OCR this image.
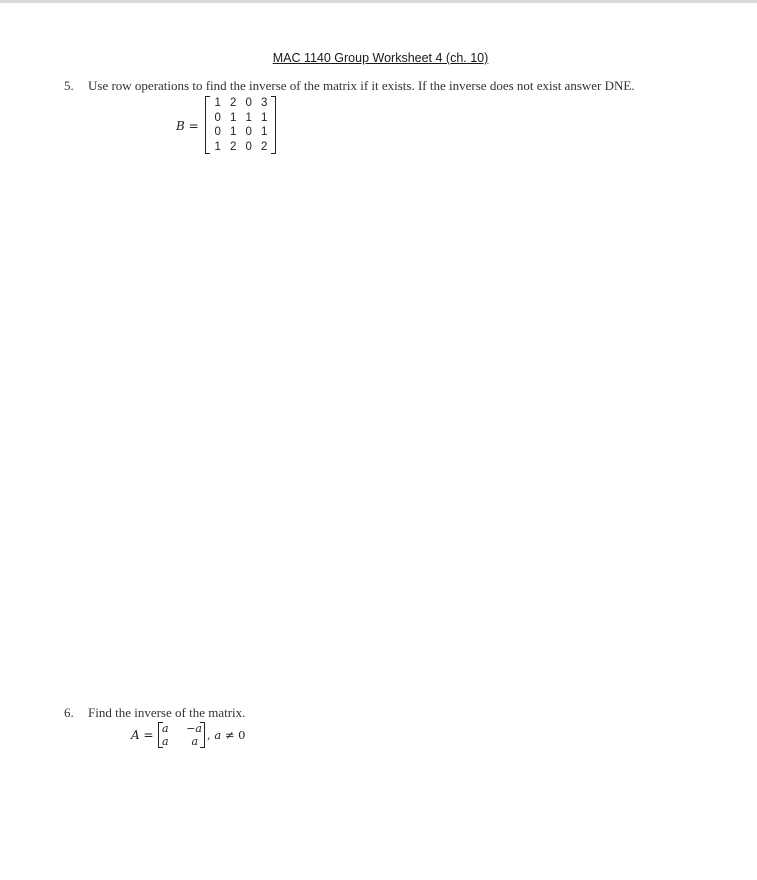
MAC 1140 Group Worksheet 4 (ch. 10)
5. Use row operations to find the inverse of the matrix if it exists. If the inverse does not exist answer DNE.
B =
1 2 0 3
0 1 1 1
0 1 0 1
1 2 0 2
6. Find the inverse of the matrix.
A = a	−a
a	a , a ≠ 0
